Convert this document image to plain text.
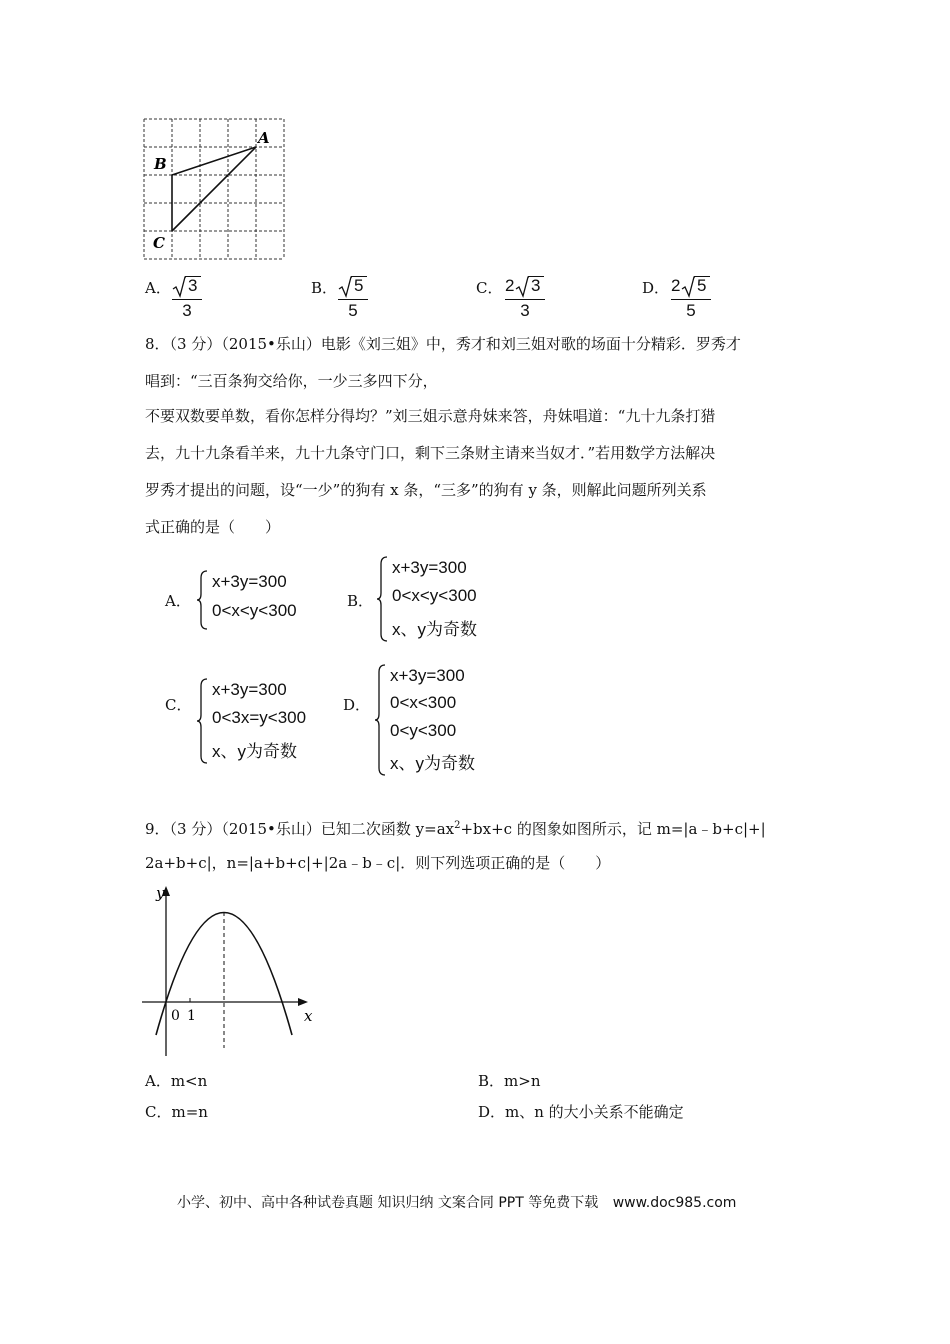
A
B
C
A． 3
3
B． 5
5
C． 2 3
3
D． 2 5
5
8．（3 分）（2015•乐山）电影《刘三姐》中，秀才和刘三姐对歌的场面十分精彩．罗秀才
唱到：“三百条狗交给你，一少三多四下分，
不要双数要单数，看你怎样分得均？”刘三姐示意舟妹来答，舟妹唱道：“九十九条打猎
去，九十九条看羊来，九十九条守门口，剩下三条财主请来当奴才．”若用数学方法解决
罗秀才提出的问题，设“一少”的狗有 x 条，“三多”的狗有 y 条，则解此问题所列关系
式正确的是（　　）
A．
x+3y=300
0<x<y<300	B．
x+3y=300
0<x<y<300
x、y为奇数
C．
x+3y=300
0<3x=y<300
x、y为奇数
D．
x+3y=300
0<x<300
0<y<300
x、y为奇数
9．（3 分）（2015•乐山）已知二次函数 $y=ax^2+bx+c$ 的图象如图所示，记 m=|a﹣b+c|+|
2a+b+c|，n=|a+b+c|+|2a﹣b﹣c|．则下列选项正确的是（　　）
y
x
0 1
A．m<n	B．m>n
C．m=n	D．m、n 的大小关系不能确定
小学、初中、高中各种试卷真题 知识归纳 文案合同 PPT 等免费下载 www.doc985.com
